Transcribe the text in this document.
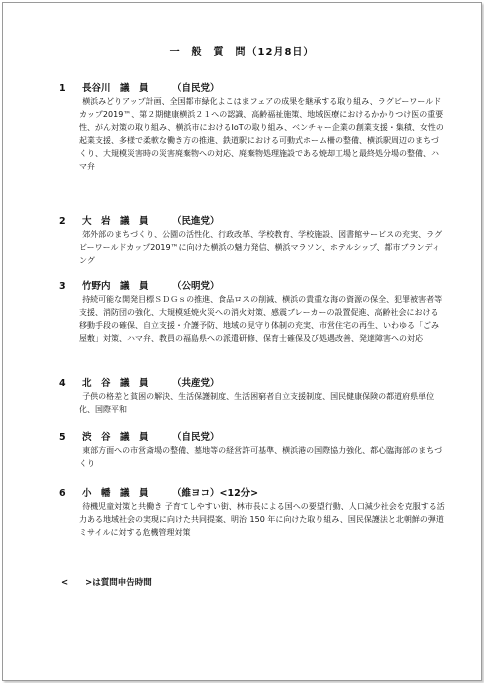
一　般　質　問（12月8日）

1

長谷川　議　員

（自民党）

横浜みどりアップ計画、全国都市緑化よこはまフェアの成果を継承する取り組み、ラグビーワールドカップ2019™、第２期健康横浜２１への認識、高齢福祉施策、地域医療におけるかかりつけ医の重要性、がん対策の取り組み、横浜市におけるIoTの取り組み、ベンチャー企業の創業支援・集積、女性の起業支援、多様で柔軟な働き方の推進、鉄道駅における可動式ホーム柵の整備、横浜駅周辺のまちづくり、大規模災害時の災害廃棄物への対応、廃棄物処理施設である焼却工場と最終処分場の整備、ハマ弁

2

大　岩　議　員

（民進党）

郊外部のまちづくり、公園の活性化、行政改革、学校教育、学校施設、図書館サービスの充実、ラグビーワールドカップ2019™に向けた横浜の魅力発信、横浜マラソン、ホテルシップ、都市ブランディング

3

竹野内　議　員

（公明党）

持続可能な開発目標ＳＤＧｓの推進、食品ロスの削減、横浜の貴重な海の資源の保全、犯罪被害者等支援、消防団の強化、大規模延焼火災への消火対策、感震ブレーカーの設置促進、高齢社会における移動手段の確保、自立支援・介護予防、地域の見守り体制の充実、市営住宅の再生、いわゆる「ごみ屋敷」対策、ハマ弁、教員の福島県への派遣研修、保育士確保及び処遇改善、発達障害への対応

4

北　谷　議　員

（共産党）

子供の格差と貧困の解決、生活保護制度、生活困窮者自立支援制度、国民健康保険の都道府県単位化、国際平和

5

渋　谷　議　員

（自民党）

東部方面への市営斎場の整備、墓地等の経営許可基準、横浜港の国際協力強化、都心臨海部のまちづくり

6

小　幡　議　員

（維ヨコ）<12分>

待機児童対策と共働き 子育てしやすい街、林市長による国への要望行動、人口減少社会を克服する活力ある地域社会の実現に向けた共同提案、明治 150 年に向けた取り組み、国民保護法と北朝鮮の弾道ミサイルに対する危機管理対策
<　　>は質問申告時間
